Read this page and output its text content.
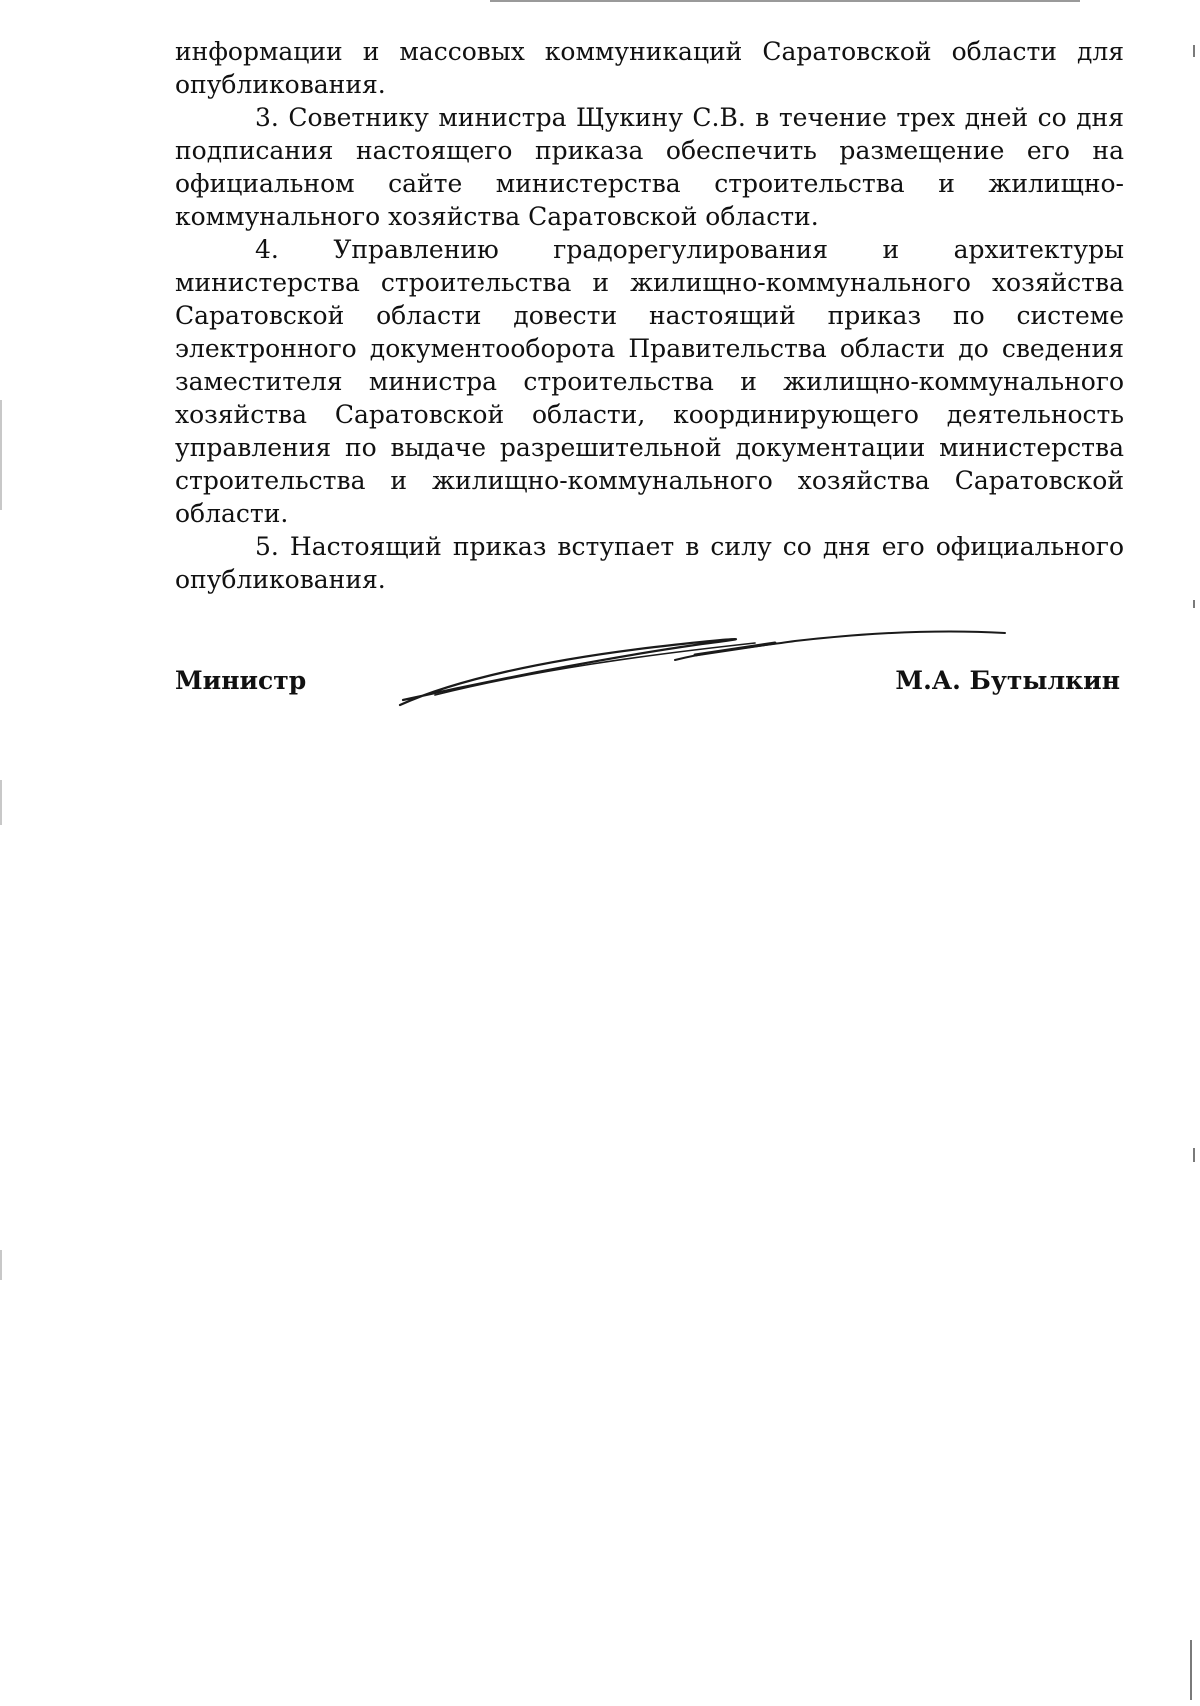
информации и массовых коммуникаций Саратовской области для опубликования.

3. Советнику министра Щукину С.В. в течение трех дней со дня подписания настоящего приказа обеспечить размещение его на официальном сайте министерства строительства и жилищно-коммунального хозяйства Саратовской области.

4. Управлению градорегулирования и архитектуры министерства строительства и жилищно-коммунального хозяйства Саратовской области довести настоящий приказ по системе электронного документооборота Правительства области до сведения заместителя министра строительства и жилищно-коммунального хозяйства Саратовской области, координирующего деятельность управления по выдаче разрешительной документации министерства строительства и жилищно-коммунального хозяйства Саратовской области.

5. Настоящий приказ вступает в силу со дня его официального опубликования.

Министр	М.А. Бутылкин
